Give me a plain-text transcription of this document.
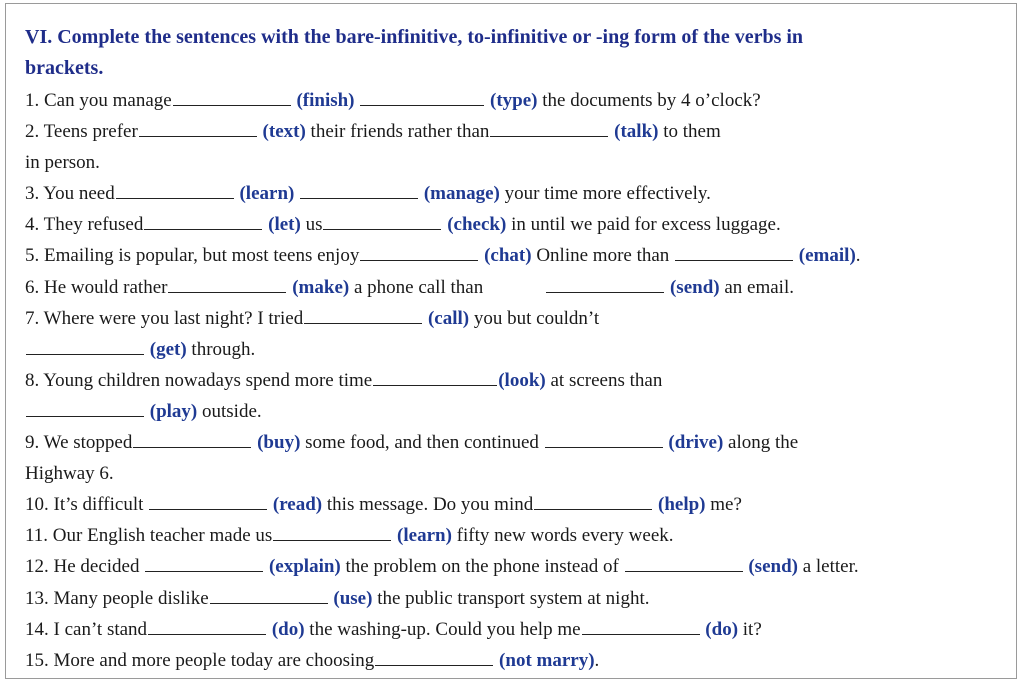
VI. Complete the sentences with the bare-infinitive, to-infinitive or -ing form of the verbs in
brackets.
1. Can you manage	(finish)	(type) the documents by 4 o’clock?
2. Teens prefer	(text) their friends rather than	(talk) to them
in person.
3. You need	(learn)	(manage) your time more effectively.
4. They refused	(let) us	(check) in until we paid for excess luggage.
5. Emailing is popular, but most teens enjoy	(chat) Online more than	(email).
6. He would rather	(make) a phone call than	(send) an email.
7. Where were you last night? I tried	(call) you but couldn’t
(get) through.
8. Young children nowadays spend more time	(look) at screens than
(play) outside.
9. We stopped	(buy) some food, and then continued	(drive) along the
Highway 6.
10. It’s difficult	(read) this message. Do you mind	(help) me?
11. Our English teacher made us	(learn) fifty new words every week.
12. He decided	(explain) the problem on the phone instead of	(send) a letter.
13. Many people dislike	(use) the public transport system at night.
14. I can’t stand	(do) the washing-up. Could you help me	(do) it?
15. More and more people today are choosing	(not marry).
